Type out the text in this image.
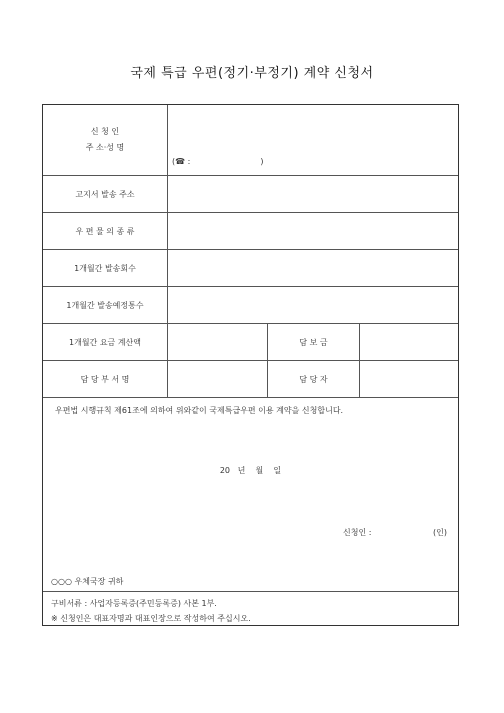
국제 특급 우편(정기·부정기) 계약 신청서
신 청 인
주 소·성 명
(☎ :	)
고지서 발송 주소
우 편 물 의 종 류
1개월간 발송회수
1개월간 발송예정통수
1개월간 요금 계산액	담 보 금
담 당 부 서 명	담 당 자
우편법 시행규칙 제61조에 의하여 위와같이 국제특급우편 이용 계약을 신청합니다.
20   년    월    일
신청인 :	(인)
○○○ 우체국장 귀하
구비서류 : 사업자등록증(주민등록증) 사본 1부.
※ 신청인은 대표자명과 대표인장으로 작성하여 주십시오.
